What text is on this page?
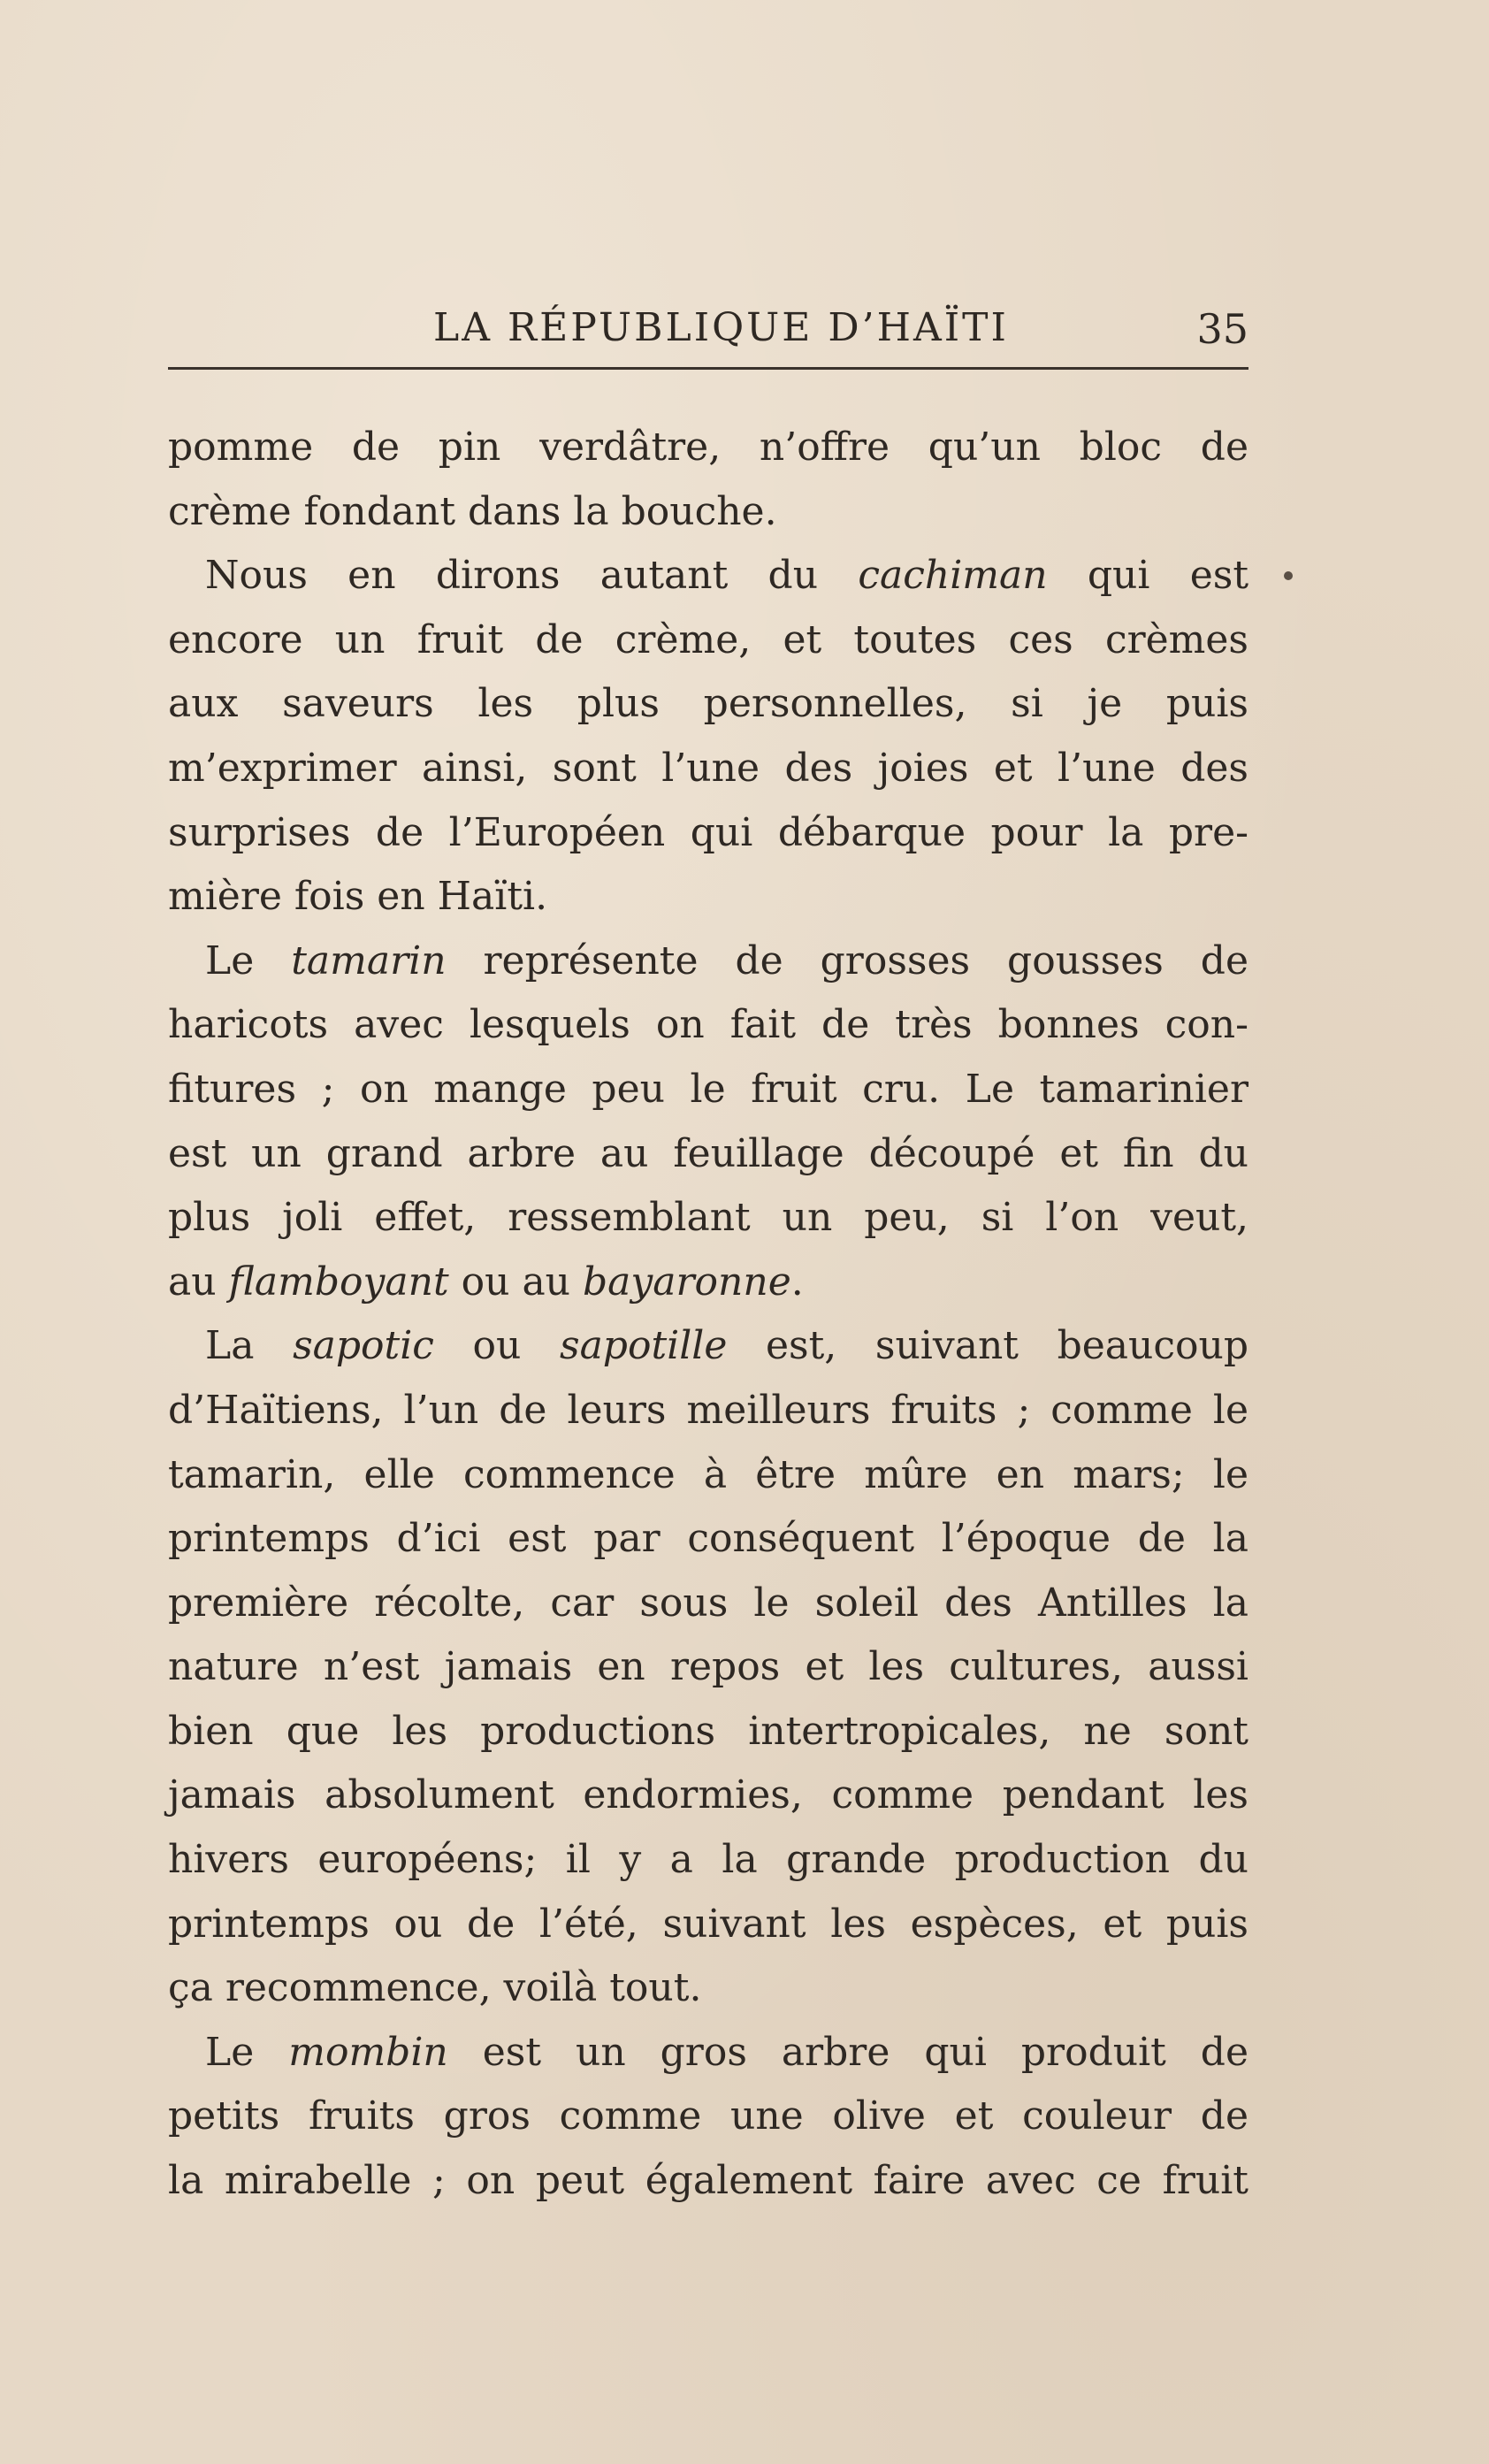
LA RÉPUBLIQUE D’HAÏTI	35
pomme de pin verdâtre, n’offre qu’un bloc de
crème fondant dans la bouche.
Nous en dirons autant du cachiman qui est
encore un fruit de crème, et toutes ces crèmes
aux saveurs les plus personnelles, si je puis
m’exprimer ainsi, sont l’une des joies et l’une des
surprises de l’Européen qui débarque pour la pre-
mière fois en Haïti.
Le tamarin représente de grosses gousses de
haricots avec lesquels on fait de très bonnes con-
fitures ; on mange peu le fruit cru. Le tamarinier
est un grand arbre au feuillage découpé et fin du
plus joli effet, ressemblant un peu, si l’on veut,
au flamboyant ou au bayaronne.
La sapotic ou sapotille est, suivant beaucoup
d’Haïtiens, l’un de leurs meilleurs fruits ; comme le
tamarin, elle commence à être mûre en mars; le
printemps d’ici est par conséquent l’époque de la
première récolte, car sous le soleil des Antilles la
nature n’est jamais en repos et les cultures, aussi
bien que les productions intertropicales, ne sont
jamais absolument endormies, comme pendant les
hivers européens; il y a la grande production du
printemps ou de l’été, suivant les espèces, et puis
ça recommence, voilà tout.
Le mombin est un gros arbre qui produit de
petits fruits gros comme une olive et couleur de
la mirabelle ; on peut également faire avec ce fruit
